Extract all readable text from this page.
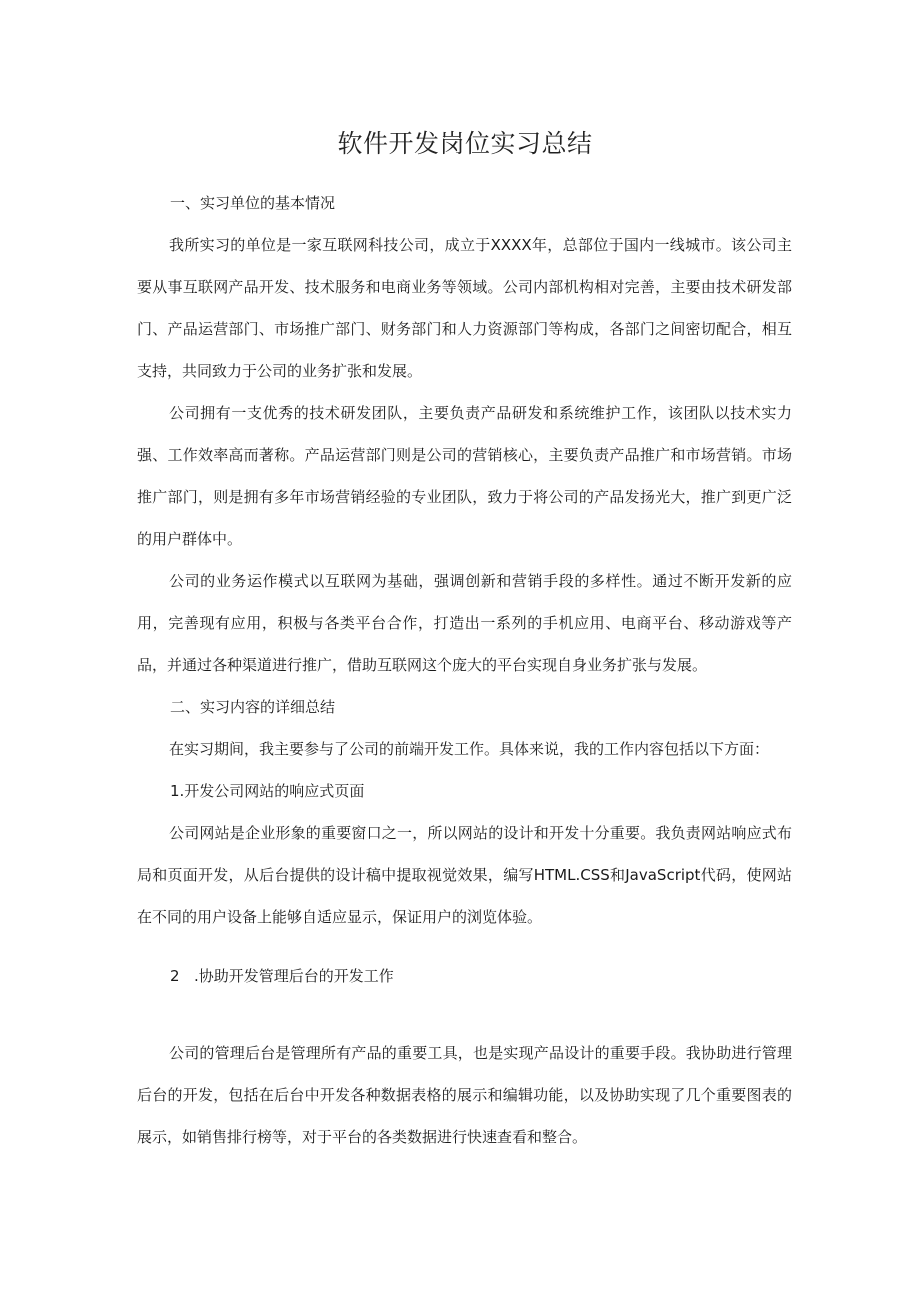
软件开发岗位实习总结

一、实习单位的基本情况

我所实习的单位是一家互联网科技公司，成立于XXXX年，总部位于国内一线城市。该公司主要从事互联网产品开发、技术服务和电商业务等领域。公司内部机构相对完善，主要由技术研发部门、产品运营部门、市场推广部门、财务部门和人力资源部门等构成，各部门之间密切配合，相互支持，共同致力于公司的业务扩张和发展。

公司拥有一支优秀的技术研发团队，主要负责产品研发和系统维护工作，该团队以技术实力强、工作效率高而著称。产品运营部门则是公司的营销核心，主要负责产品推广和市场营销。市场推广部门，则是拥有多年市场营销经验的专业团队，致力于将公司的产品发扬光大，推广到更广泛的用户群体中。

公司的业务运作模式以互联网为基础，强调创新和营销手段的多样性。通过不断开发新的应用，完善现有应用，积极与各类平台合作，打造出一系列的手机应用、电商平台、移动游戏等产品，并通过各种渠道进行推广，借助互联网这个庞大的平台实现自身业务扩张与发展。

二、实习内容的详细总结

在实习期间，我主要参与了公司的前端开发工作。具体来说，我的工作内容包括以下方面：

1.开发公司网站的响应式页面

公司网站是企业形象的重要窗口之一，所以网站的设计和开发十分重要。我负责网站响应式布局和页面开发，从后台提供的设计稿中提取视觉效果，编写HTML.CSS和JavaScript代码，使网站在不同的用户设备上能够自适应显示，保证用户的浏览体验。

2 .协助开发管理后台的开发工作

公司的管理后台是管理所有产品的重要工具，也是实现产品设计的重要手段。我协助进行管理后台的开发，包括在后台中开发各种数据表格的展示和编辑功能，以及协助实现了几个重要图表的展示，如销售排行榜等，对于平台的各类数据进行快速查看和整合。
